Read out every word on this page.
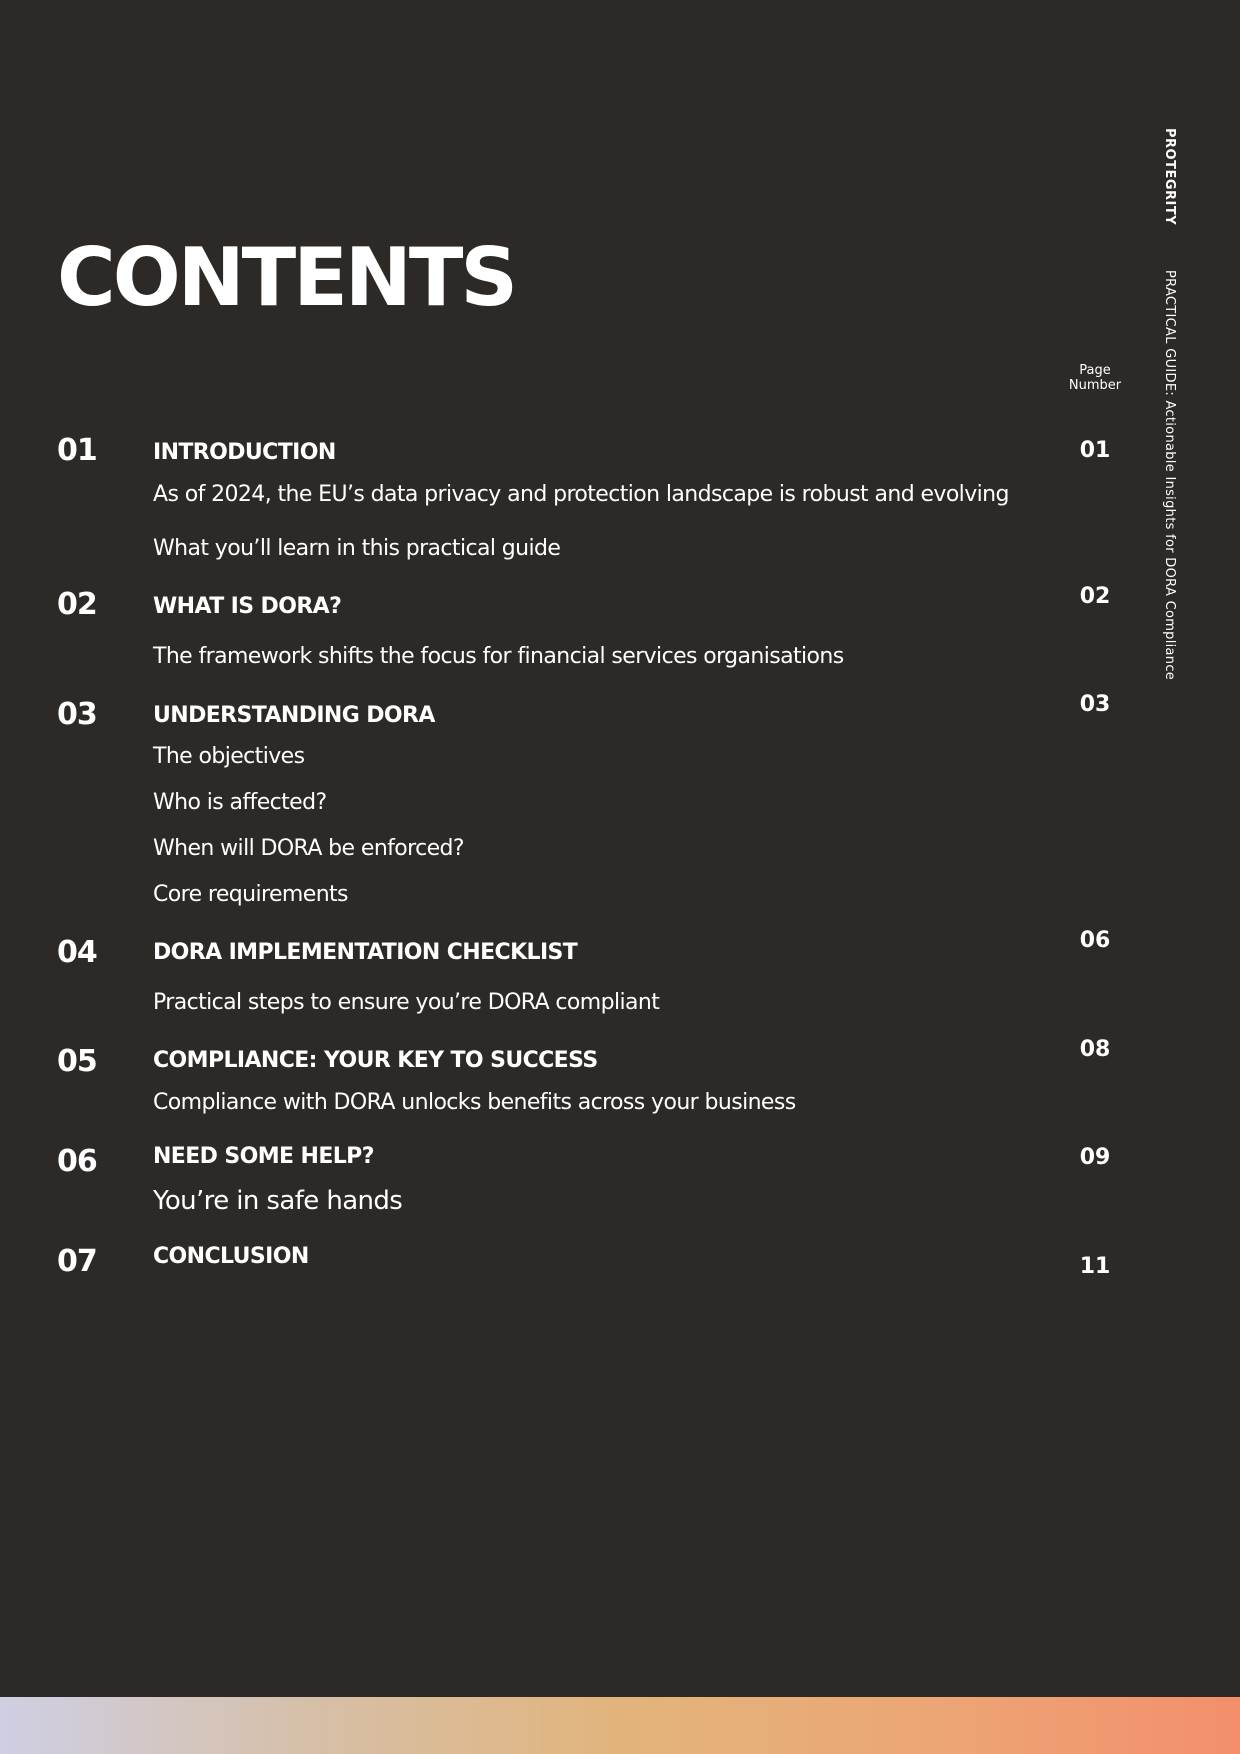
CONTENTS
Page
Number
PROTEGRITY
PRACTICAL GUIDE: Actionable Insights for DORA Compliance
01	INTRODUCTION	01
As of 2024, the EU’s data privacy and protection landscape is robust and evolving
What you’ll learn in this practical guide
02	WHAT IS DORA?	02
The framework shifts the focus for financial services organisations
03	UNDERSTANDING DORA	03
The objectives
Who is affected?
When will DORA be enforced?
Core requirements
04	DORA IMPLEMENTATION CHECKLIST	06
Practical steps to ensure you’re DORA compliant
05	COMPLIANCE: YOUR KEY TO SUCCESS	08
Compliance with DORA unlocks benefits across your business
06	NEED SOME HELP?	09
You’re in safe hands
07	CONCLUSION	11
